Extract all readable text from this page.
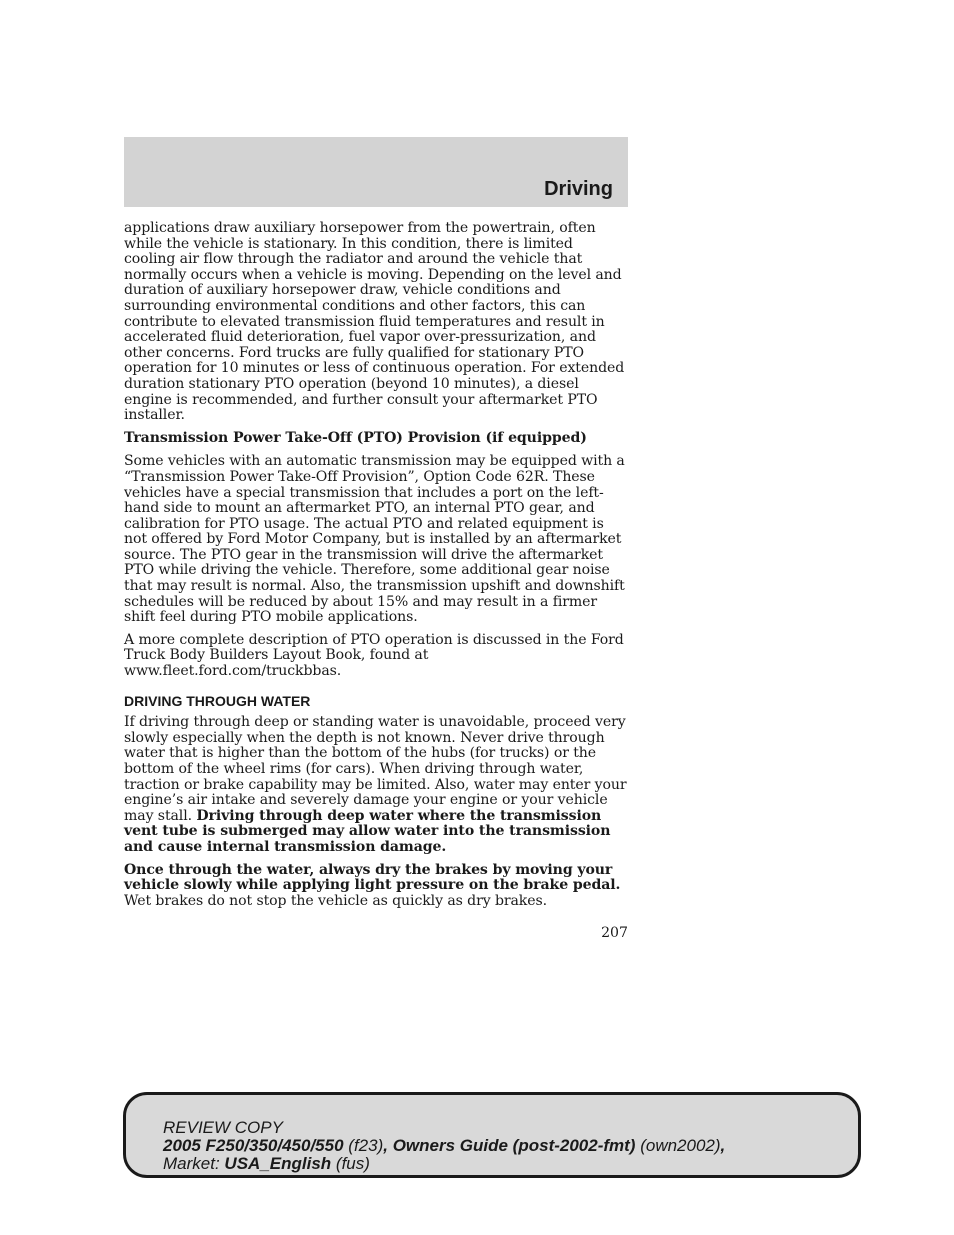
Driving

applications draw auxiliary horsepower from the powertrain, often while the vehicle is stationary. In this condition, there is limited cooling air flow through the radiator and around the vehicle that normally occurs when a vehicle is moving. Depending on the level and duration of auxiliary horsepower draw, vehicle conditions and surrounding environmental conditions and other factors, this can contribute to elevated transmission fluid temperatures and result in accelerated fluid deterioration, fuel vapor over-pressurization, and other concerns. Ford trucks are fully qualified for stationary PTO operation for 10 minutes or less of continuous operation. For extended duration stationary PTO operation (beyond 10 minutes), a diesel engine is recommended, and further consult your aftermarket PTO installer.

Transmission Power Take-Off (PTO) Provision (if equipped)

Some vehicles with an automatic transmission may be equipped with a “Transmission Power Take-Off Provision”, Option Code 62R. These vehicles have a special transmission that includes a port on the left-hand side to mount an aftermarket PTO, an internal PTO gear, and calibration for PTO usage. The actual PTO and related equipment is not offered by Ford Motor Company, but is installed by an aftermarket source. The PTO gear in the transmission will drive the aftermarket PTO while driving the vehicle. Therefore, some additional gear noise that may result is normal. Also, the transmission upshift and downshift schedules will be reduced by about 15% and may result in a firmer shift feel during PTO mobile applications.

A more complete description of PTO operation is discussed in the Ford Truck Body Builders Layout Book, found at www.fleet.ford.com/truckbbas.

DRIVING THROUGH WATER

If driving through deep or standing water is unavoidable, proceed very slowly especially when the depth is not known. Never drive through water that is higher than the bottom of the hubs (for trucks) or the bottom of the wheel rims (for cars). When driving through water, traction or brake capability may be limited. Also, water may enter your engine’s air intake and severely damage your engine or your vehicle may stall. Driving through deep water where the transmission vent tube is submerged may allow water into the transmission and cause internal transmission damage.

Once through the water, always dry the brakes by moving your vehicle slowly while applying light pressure on the brake pedal. Wet brakes do not stop the vehicle as quickly as dry brakes.

207
REVIEW COPY
2005 F250/350/450/550 (f23), Owners Guide (post-2002-fmt) (own2002),
Market: USA_English (fus)
